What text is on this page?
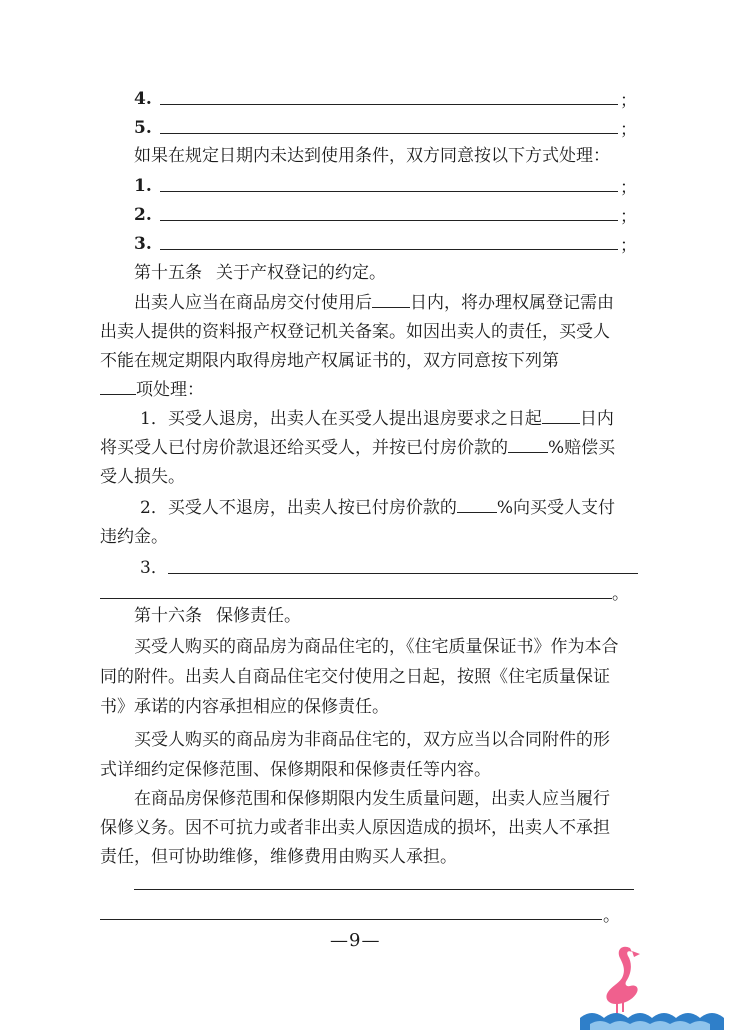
4.	；
5.	；
如果在规定日期内未达到使用条件，双方同意按以下方式处理：
1.	；
2.	；
3.	；
第十五条 关于产权登记的约定。
出卖人应当在商品房交付使用后 日内，将办理权属登记需由
出卖人提供的资料报产权登记机关备案。如因出卖人的责任，买受人
不能在规定期限内取得房地产权属证书的，双方同意按下列第
项处理：
1．买受人退房，出卖人在买受人提出退房要求之日起 日内
将买受人已付房价款退还给买受人，并按已付房价款的 %赔偿买
受人损失。
2．买受人不退房，出卖人按已付房价款的 %向买受人支付
违约金。
3．
。
第十六条 保修责任。
买受人购买的商品房为商品住宅的，《住宅质量保证书》作为本合
同的附件。出卖人自商品住宅交付使用之日起，按照《住宅质量保证
书》承诺的内容承担相应的保修责任。
买受人购买的商品房为非商品住宅的，双方应当以合同附件的形
式详细约定保修范围、保修期限和保修责任等内容。
在商品房保修范围和保修期限内发生质量问题，出卖人应当履行
保修义务。因不可抗力或者非出卖人原因造成的损坏，出卖人不承担
责任，但可协助维修，维修费用由购买人承担。
。
—9—
